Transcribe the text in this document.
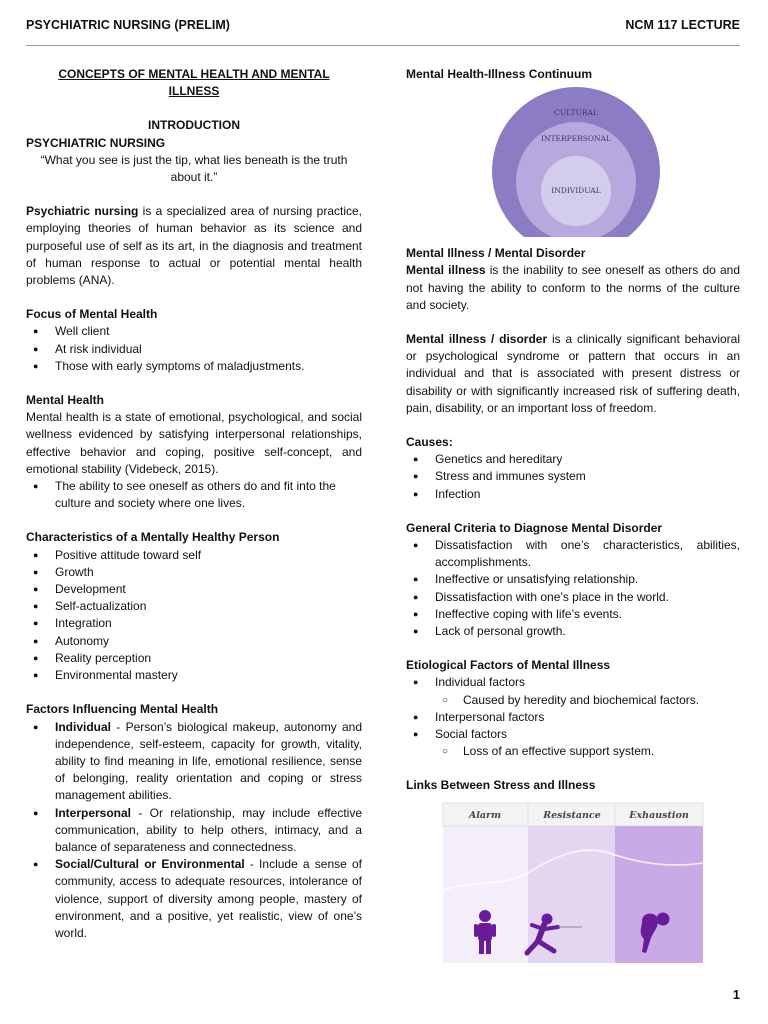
PSYCHIATRIC NURSING (PRELIM)	NCM 117 LECTURE

CONCEPTS OF MENTAL HEALTH AND MENTAL
ILLNESS

INTRODUCTION

PSYCHIATRIC NURSING

“What you see is just the tip, what lies beneath is the truth about it.”

Psychiatric nursing is a specialized area of nursing practice, employing theories of human behavior as its science and purposeful use of self as its art, in the diagnosis and treatment of human response to actual or potential mental health problems (ANA).

Focus of Mental Health

● Well client
● At risk individual
● Those with early symptoms of maladjustments.

Mental Health

Mental health is a state of emotional, psychological, and social wellness evidenced by satisfying interpersonal relationships, effective behavior and coping, positive self-concept, and emotional stability (Videbeck, 2015).

● The ability to see oneself as others do and fit into the culture and society where one lives.

Characteristics of a Mentally Healthy Person

● Positive attitude toward self
● Growth
● Development
● Self-actualization
● Integration
● Autonomy
● Reality perception
● Environmental mastery

Factors Influencing Mental Health

● Individual - Person’s biological makeup, autonomy and independence, self-esteem, capacity for growth, vitality, ability to find meaning in life, emotional resilience, sense of belonging, reality orientation and coping or stress management abilities.
● Interpersonal - Or relationship, may include effective communication, ability to help others, intimacy, and a balance of separateness and connectedness.
● Social/Cultural or Environmental - Include a sense of community, access to adequate resources, intolerance of violence, support of diversity among people, mastery of environment, and a positive, yet realistic, view of one’s world.

Mental Health-Illness Continuum

CULTURAL
INTERPERSONAL
INDIVIDUAL

Mental Illness / Mental Disorder

Mental illness is the inability to see oneself as others do and not having the ability to conform to the norms of the culture and society.

Mental illness / disorder is a clinically significant behavioral or psychological syndrome or pattern that occurs in an individual and that is associated with present distress or disability or with significantly increased risk of suffering death, pain, disability, or an important loss of freedom.

Causes:

● Genetics and hereditary
● Stress and immunes system
● Infection

General Criteria to Diagnose Mental Disorder

● Dissatisfaction with one’s characteristics, abilities, accomplishments.
● Ineffective or unsatisfying relationship.
● Dissatisfaction with one’s place in the world.
● Ineffective coping with life’s events.
● Lack of personal growth.

Etiological Factors of Mental Illness

● Individual factors
○ Caused by heredity and biochemical factors.
● Interpersonal factors
● Social factors
○ Loss of an effective support system.

Links Between Stress and Illness

Alarm	Resistance	Exhaustion
1
